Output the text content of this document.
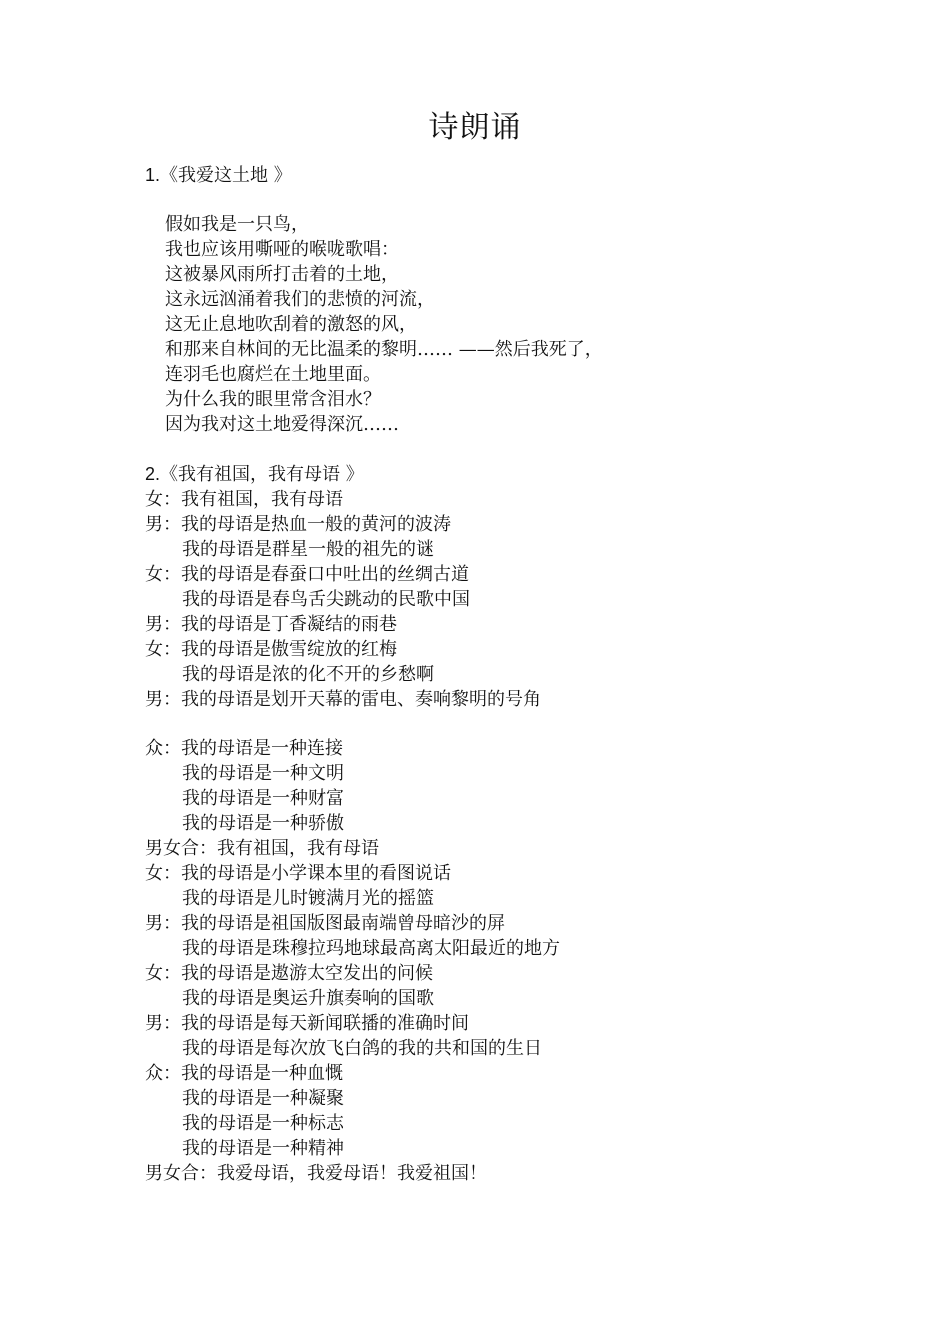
诗朗诵
1.《我爱这土地 》
假如我是一只鸟，
我也应该用嘶哑的喉咙歌唱：
这被暴风雨所打击着的土地，
这永远汹涌着我们的悲愤的河流，
这无止息地吹刮着的激怒的风，
和那来自林间的无比温柔的黎明…… ——然后我死了，
连羽毛也腐烂在土地里面。
为什么我的眼里常含泪水？
因为我对这土地爱得深沉……
2.《我有祖国，我有母语 》
女：我有祖国，我有母语
男：我的母语是热血一般的黄河的波涛
我的母语是群星一般的祖先的谜
女：我的母语是春蚕口中吐出的丝绸古道
我的母语是春鸟舌尖跳动的民歌中国
男：我的母语是丁香凝结的雨巷
女：我的母语是傲雪绽放的红梅
我的母语是浓的化不开的乡愁啊
男：我的母语是划开天幕的雷电、奏响黎明的号角
众：我的母语是一种连接
我的母语是一种文明
我的母语是一种财富
我的母语是一种骄傲
男女合：我有祖国，我有母语
女：我的母语是小学课本里的看图说话
我的母语是儿时镀满月光的摇篮
男：我的母语是祖国版图最南端曾母暗沙的屏
我的母语是珠穆拉玛地球最高离太阳最近的地方
女：我的母语是遨游太空发出的问候
我的母语是奥运升旗奏响的国歌
男：我的母语是每天新闻联播的准确时间
我的母语是每次放飞白鸽的我的共和国的生日
众：我的母语是一种血慨
我的母语是一种凝聚
我的母语是一种标志
我的母语是一种精神
男女合：我爱母语，我爱母语！我爱祖国！
